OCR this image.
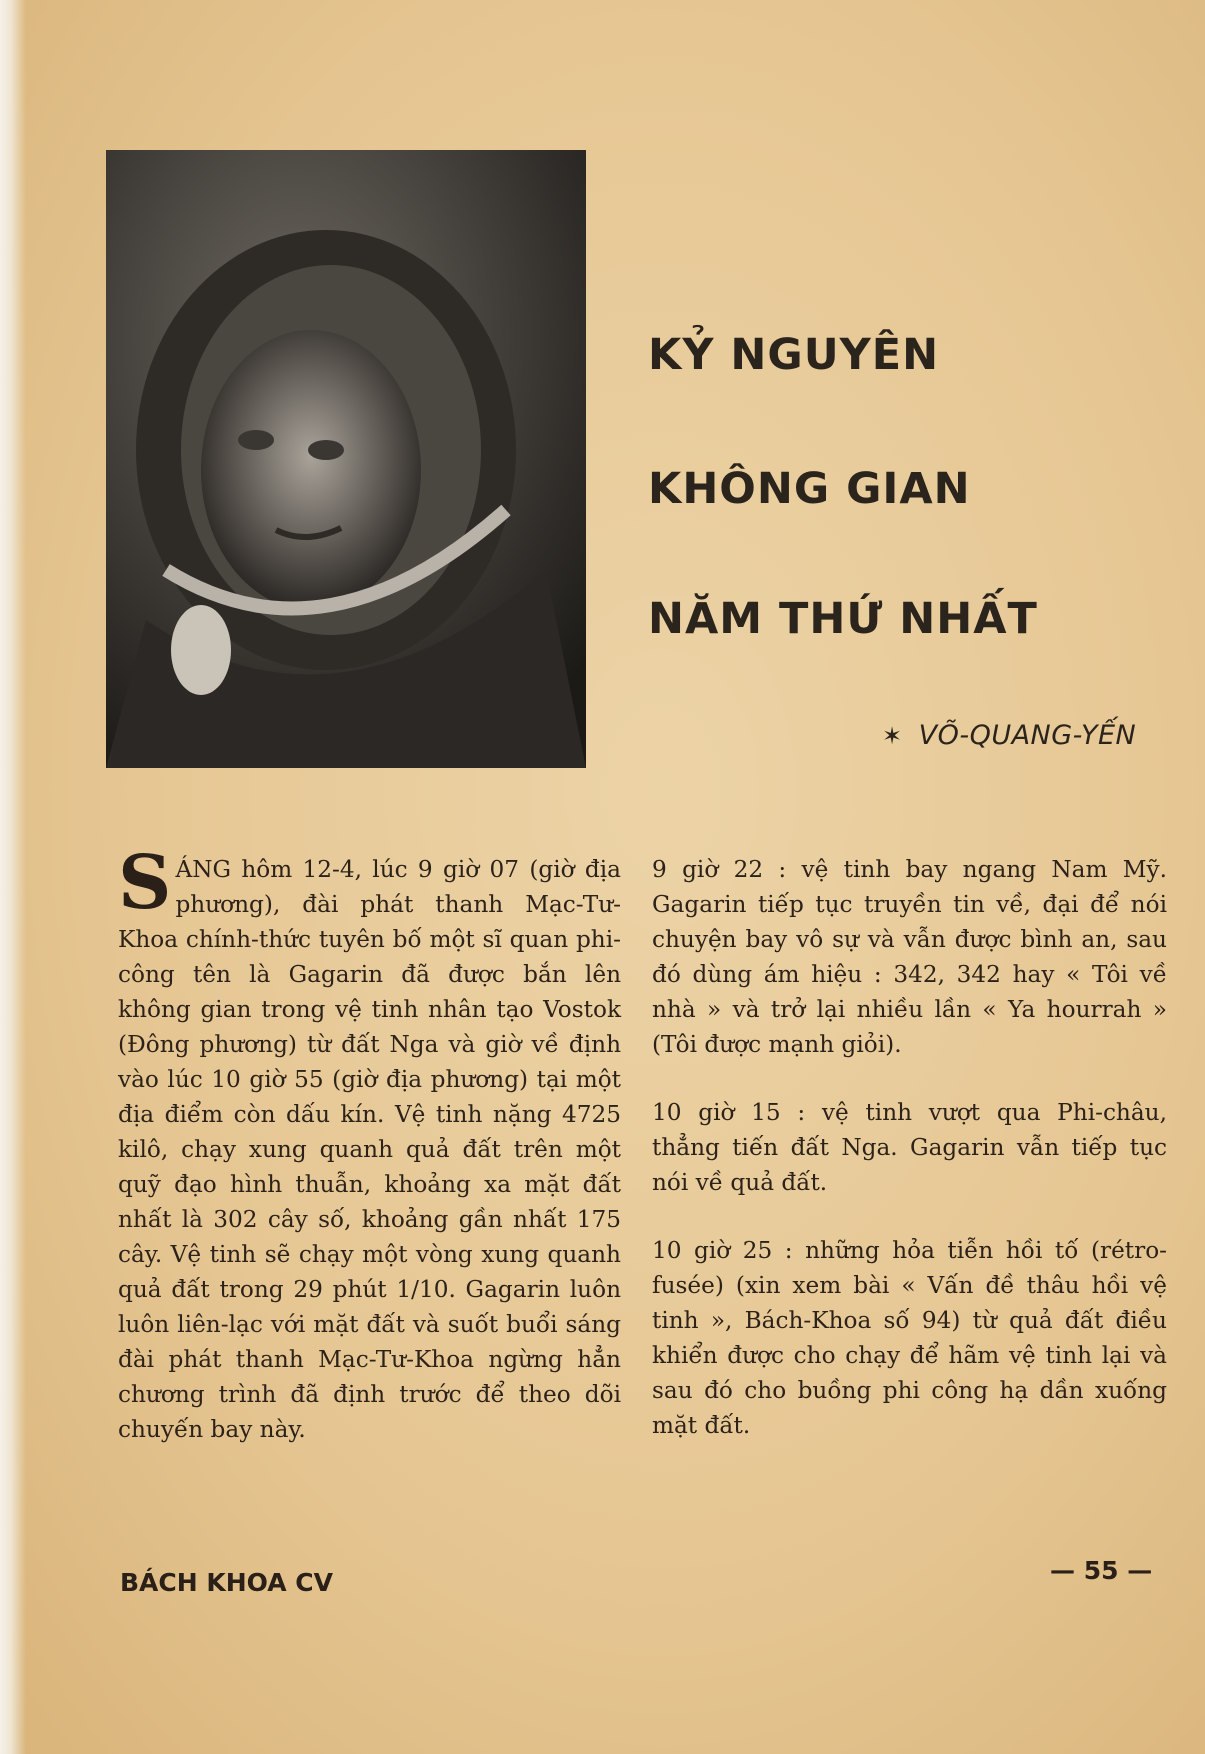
KỶ NGUYÊN
KHÔNG GIAN
NĂM THỨ NHẤT
✶ VÕ-QUANG-YẾN

SÁNG hôm 12-4, lúc 9 giờ 07 (giờ địa phương), đài phát thanh Mạc-Tư-Khoa chính-thức tuyên bố một sĩ quan phi-công tên là Gagarin đã được bắn lên không gian trong vệ tinh nhân tạo Vostok (Đông phương) từ đất Nga và giờ về định vào lúc 10 giờ 55 (giờ địa phương) tại một địa điểm còn dấu kín. Vệ tinh nặng 4725 kilô, chạy xung quanh quả đất trên một quỹ đạo hình thuẫn, khoảng xa mặt đất nhất là 302 cây số, khoảng gần nhất 175 cây. Vệ tinh sẽ chạy một vòng xung quanh quả đất trong 29 phút 1/10. Gagarin luôn luôn liên-lạc với mặt đất và suốt buổi sáng đài phát thanh Mạc-Tư-Khoa ngừng hẳn chương trình đã định trước để theo dõi chuyến bay này.

9 giờ 22 : vệ tinh bay ngang Nam Mỹ. Gagarin tiếp tục truyền tin về, đại để nói chuyện bay vô sự và vẫn được bình an, sau đó dùng ám hiệu : 342, 342 hay « Tôi về nhà » và trở lại nhiều lần « Ya hourrah » (Tôi được mạnh giỏi).

10 giờ 15 : vệ tinh vượt qua Phi-châu, thẳng tiến đất Nga. Gagarin vẫn tiếp tục nói về quả đất.

10 giờ 25 : những hỏa tiễn hồi tố (rétro-fusée) (xin xem bài « Vấn đề thâu hồi vệ tinh », Bách-Khoa số 94) từ quả đất điều khiển được cho chạy để hãm vệ tinh lại và sau đó cho buồng phi công hạ dần xuống mặt đất.

BÁCH KHOA CV	— 55 —
